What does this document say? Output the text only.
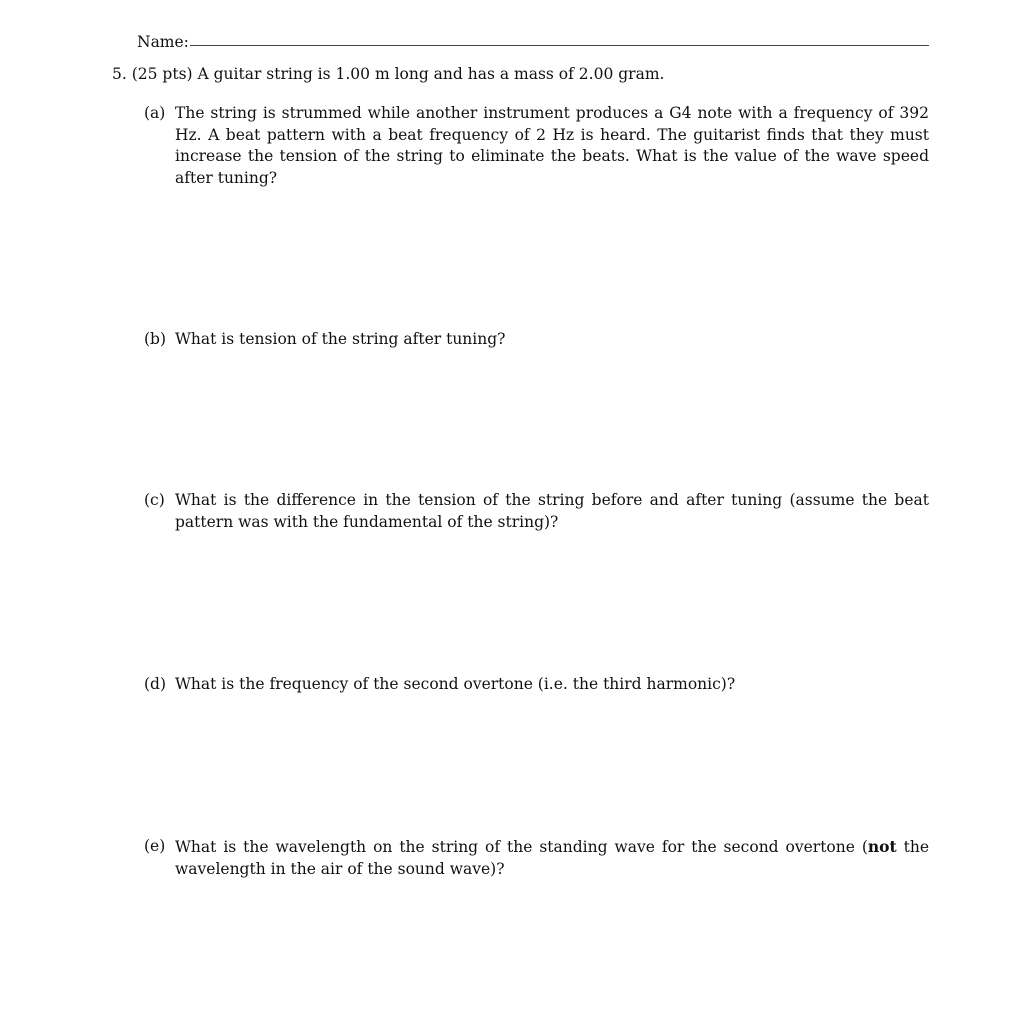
Name:
5. (25 pts) A guitar string is 1.00 m long and has a mass of 2.00 gram.
(a) The string is strummed while another instrument produces a G4 note with a frequency of 392 Hz. A beat pattern with a beat frequency of 2 Hz is heard. The guitarist finds that they must increase the tension of the string to eliminate the beats. What is the value of the wave speed after tuning?
(b) What is tension of the string after tuning?
(c) What is the difference in the tension of the string before and after tuning (assume the beat pattern was with the fundamental of the string)?
(d) What is the frequency of the second overtone (i.e. the third harmonic)?
(e) What is the wavelength on the string of the standing wave for the second overtone (not the wavelength in the air of the sound wave)?
